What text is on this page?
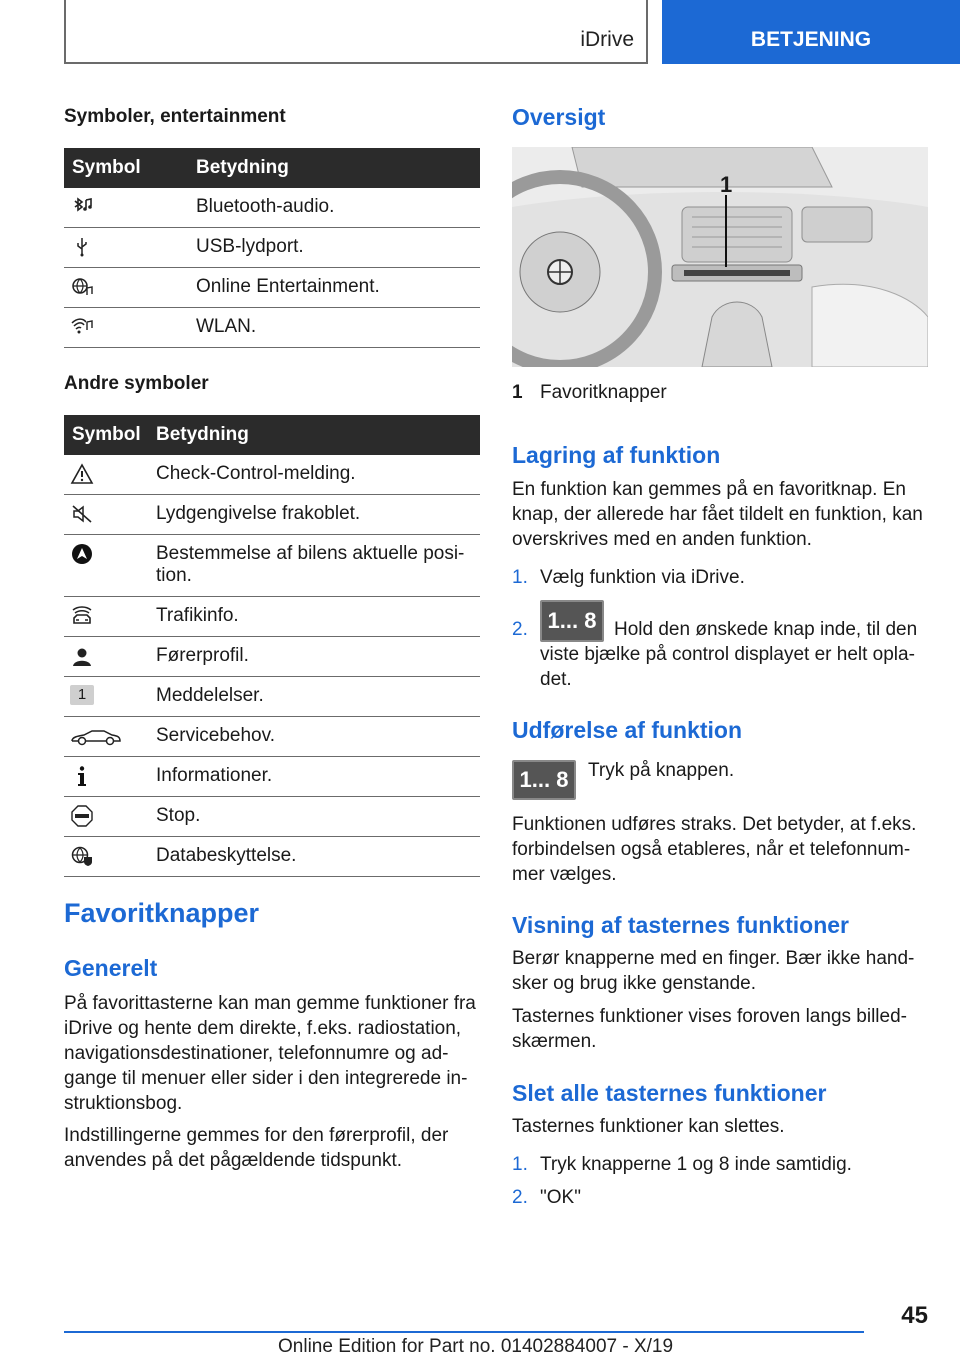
iDrive	BETJENING
Symboler, entertainment
Symbol	Betydning
	Bluetooth-audio.
	USB-lydport.
	Online Entertainment.
	WLAN.
Andre symboler
Symbol	Betydning
	Check-Control-melding.
	Lydgengivelse frakoblet.
	Bestemmelse af bilens aktuelle posi-tion.
	Trafikinfo.
	Førerprofil.
1	Meddelelser.
	Servicebehov.
	Informationer.
	Stop.
	Databeskyttelse.
Favoritknapper
Generelt

På favorittasterne kan man gemme funktioner fra iDrive og hente dem direkte, f.eks. radiostation, navigationsdestinationer, telefonnumre og ad-gange til menuer eller sider i den integrerede in-struktionsbog.

Indstillingerne gemmes for den førerprofil, der anvendes på det pågældende tidspunkt.

Oversigt
1
1 Favoritknapper
Lagring af funktion

En funktion kan gemmes på en favoritknap. En knap, der allerede har fået tildelt en funktion, kan overskrives med en anden funktion.

1. Vælg funktion via iDrive.
2. 1... 8 Hold den ønskede knap inde, til den viste bjælke på control displayet er helt opla-det.
Udførelse af funktion
1... 8	Tryk på knappen.

Funktionen udføres straks. Det betyder, at f.eks. forbindelsen også etableres, når et telefonnum-mer vælges.

Visning af tasternes funktioner

Berør knapperne med en finger. Bær ikke hand-sker og brug ikke genstande.

Tasternes funktioner vises foroven langs billed-skærmen.

Slet alle tasternes funktioner

Tasternes funktioner kan slettes.

1. Tryk knapperne 1 og 8 inde samtidig.
2. "OK"
45
Online Edition for Part no. 01402884007 - X/19
